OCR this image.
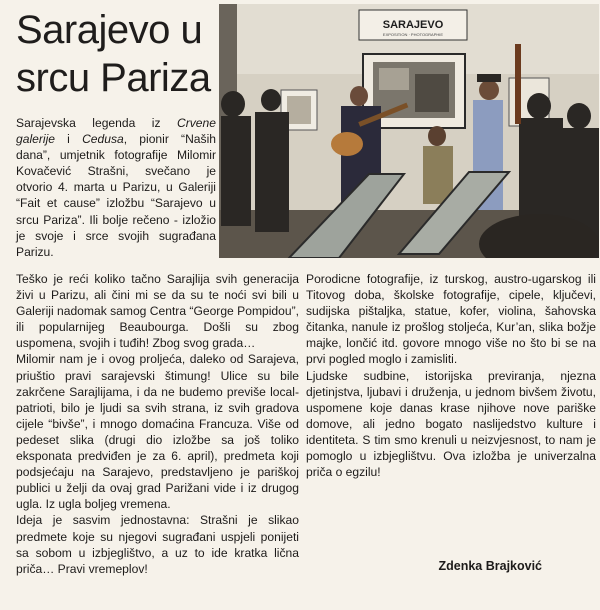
Sarajevo u
srcu Pariza
SARAJEVO
EXPOSITION · PHOTOGRAPHIE

Sarajevska legenda iz Crvene galerije i Cedusa, pionir “Naših dana”, umjetnik fotografije Milomir Kovačević Strašni, svečano je otvorio 4. marta u Parizu, u Galeriji “Fait et cause” izložbu “Sarajevo u srcu Pariza”. Ili bolje rečeno - izložio je svoje i srce svojih sugrađana Parizu.

Teško je reći koliko tačno Sarajlija svih generacija živi u Parizu, ali čini mi se da su te noći svi bili u Galeriji nadomak samog Centra “George Pompidou”, ili popularnijeg Beaubourga. Došli su zbog uspomena, svojih i tuđih! Zbog svog grada…

Milomir nam je i ovog proljeća, daleko od Sarajeva, priuštio pravi sarajevski štimung! Ulice su bile zakrčene Sarajlijama, i da ne budemo previše local- patrioti, bilo je ljudi sa svih strana, iz svih gradova cijele “bivše”, i mnogo domaćina Francuza. Više od pedeset slika (drugi dio izložbe sa još toliko eksponata predviđen je za 6. april), predmeta koji podsjećaju na Sarajevo, predstavljeno je pariškoj publici u želji da ovaj grad Parižani vide i iz drugog ugla. Iz ugla boljeg vremena.

Ideja je sasvim jednostavna: Strašni je slikao predmete koje su njegovi sugrađani uspjeli ponijeti sa sobom u izbjeglištvo, a uz to ide kratka lična priča… Pravi vremeplov!

Porodicne fotografije, iz turskog, austro-ugarskog ili Titovog doba, školske fotografije, cipele, ključevi, sudijska pištaljka, statue, kofer, violina, šahovska čitanka, nanule iz prošlog stoljeća, Kur’an, slika božje majke, lončić itd. govore mnogo više no što bi se na prvi pogled moglo i zamisliti.

Ljudske sudbine, istorijska previranja, njezna djetinjstva, ljubavi i druženja, u jednom bivšem životu, uspomene koje danas krase njihove nove pariške domove, ali jedno bogato naslijedstvo kulture i identiteta. S tim smo krenuli u neizvjesnost, to nam je pomoglo u izbjeglištvu. Ova izložba je univerzalna priča o egzilu!

Zdenka Brajković
